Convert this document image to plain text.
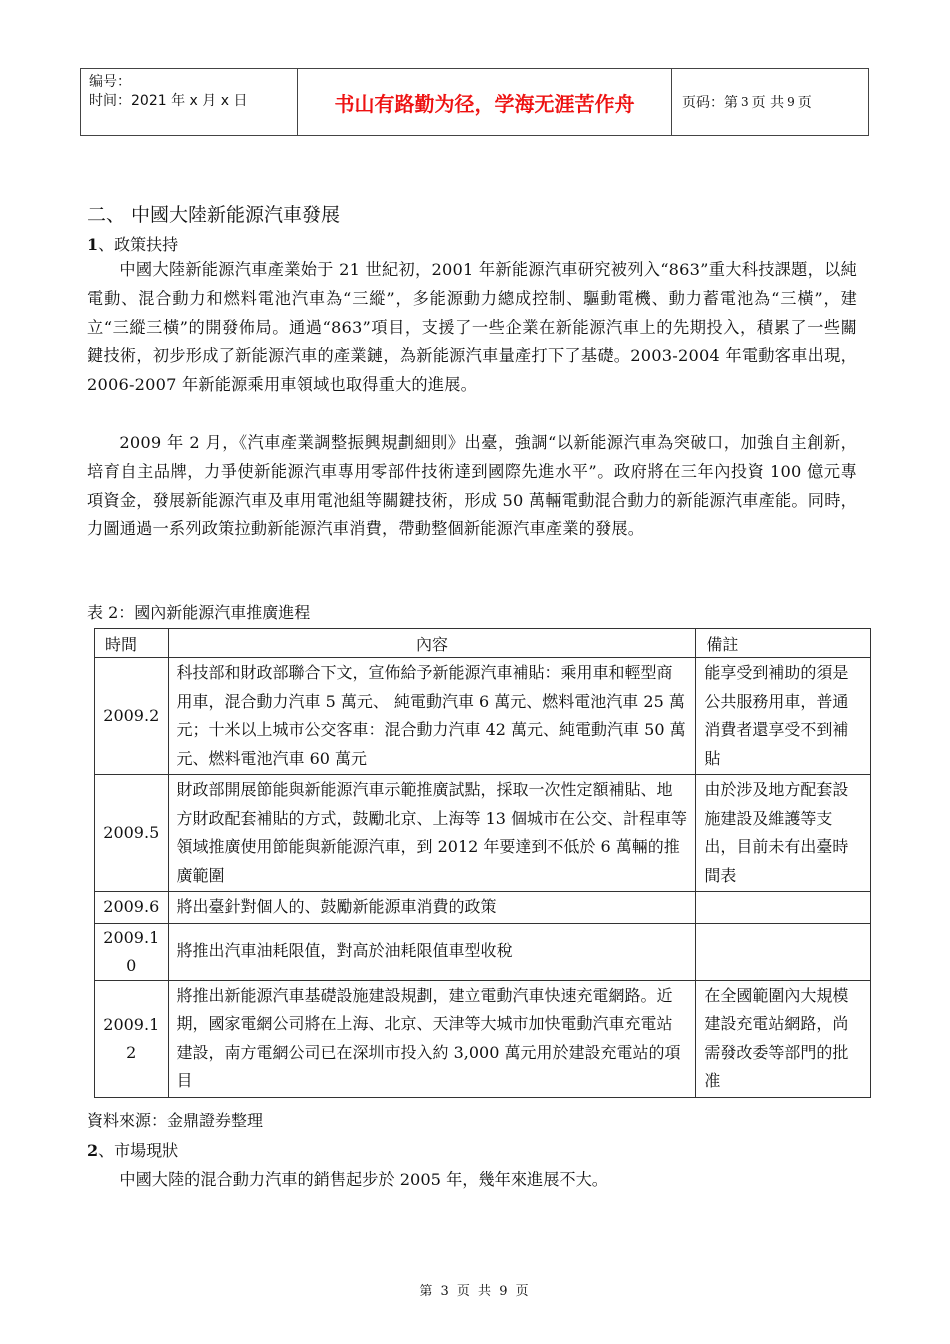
编号：
时间：2021 年 x 月 x 日	书山有路勤为径，学海无涯苦作舟	页码：第 3 页 共 9 页
二、 中國大陸新能源汽車發展
1、政策扶持
中國大陸新能源汽車產業始于 21 世紀初，2001 年新能源汽車研究被列入“863”重大科技課題，以純電動、混合動力和燃料電池汽車為“三縱”，多能源動力總成控制、驅動電機、動力蓄電池為“三橫”，建立“三縱三橫”的開發佈局。通過“863”項目，支援了一些企業在新能源汽車上的先期投入，積累了一些關鍵技術，初步形成了新能源汽車的產業鏈，為新能源汽車量產打下了基礎。2003-2004 年電動客車出現，2006-2007 年新能源乘用車領域也取得重大的進展。
2009 年 2 月，《汽車產業調整振興規劃細則》出臺，強調“以新能源汽車為突破口，加強自主創新，培育自主品牌，力爭使新能源汽車專用零部件技術達到國際先進水平”。政府將在三年內投資 100 億元專項資金，發展新能源汽車及車用電池組等關鍵技術，形成 50 萬輛電動混合動力的新能源汽車產能。同時，力圖通過一系列政策拉動新能源汽車消費，帶動整個新能源汽車產業的發展。
表 2：國內新能源汽車推廣進程
時間	內容	備註
2009.2	科技部和財政部聯合下文，宣佈給予新能源汽車補貼：乘用車和輕型商用車，混合動力汽車 5 萬元、 純電動汽車 6 萬元、燃料電池汽車 25 萬元；十米以上城市公交客車：混合動力汽車 42 萬元、純電動汽車 50 萬元、燃料電池汽車 60 萬元	能享受到補助的須是公共服務用車，普通消費者還享受不到補貼
2009.5	財政部開展節能與新能源汽車示範推廣試點，採取一次性定額補貼、地方財政配套補貼的方式，鼓勵北京、上海等 13 個城市在公交、計程車等領域推廣使用節能與新能源汽車，到 2012 年要達到不低於 6 萬輛的推廣範圍	由於涉及地方配套設施建設及維護等支出，目前未有出臺時間表
2009.6	將出臺針對個人的、鼓勵新能源車消費的政策	
2009.10	將推出汽車油耗限值，對高於油耗限值車型收稅	
2009.12	將推出新能源汽車基礎設施建設規劃，建立電動汽車快速充電網路。近期，國家電網公司將在上海、北京、天津等大城市加快電動汽車充電站建設，南方電網公司已在深圳市投入約 3,000 萬元用於建設充電站的項目	在全國範圍內大規模建設充電站網路，尚需發改委等部門的批准
資料來源：金鼎證券整理
2、市場現狀
中國大陸的混合動力汽車的銷售起步於 2005 年，幾年來進展不大。
第 3 页 共 9 页
